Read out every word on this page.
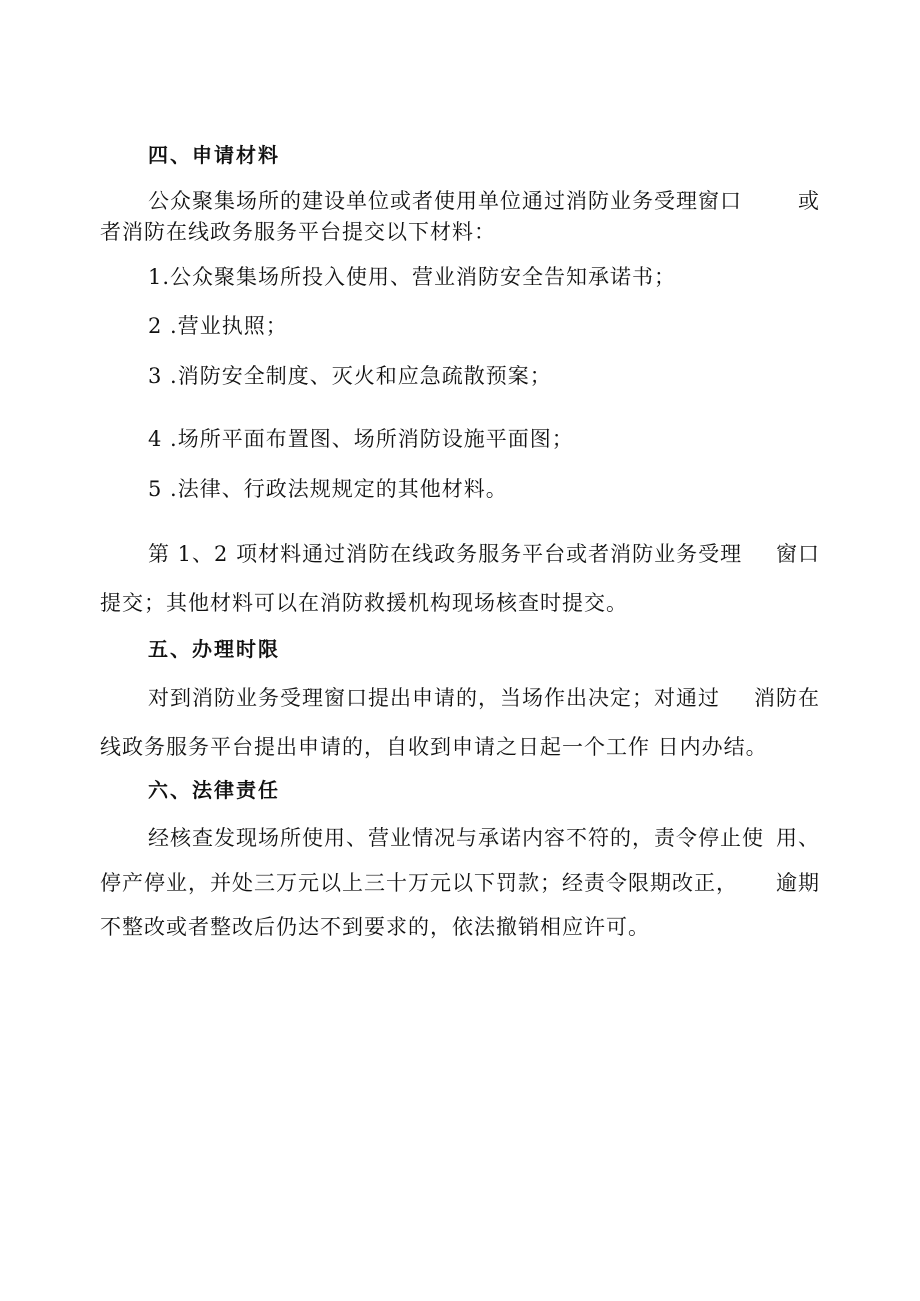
四、申请材料
公众聚集场所的建设单位或者使用单位通过消防业务受理窗口	或
者消防在线政务服务平台提交以下材料：
1.公众聚集场所投入使用、营业消防安全告知承诺书；
2 .营业执照；
3 .消防安全制度、灭火和应急疏散预案；
4 .场所平面布置图、场所消防设施平面图；
5 .法律、行政法规规定的其他材料。
第 1、2 项材料通过消防在线政务服务平台或者消防业务受理 窗口
提交；其他材料可以在消防救援机构现场核查时提交。
五、办理时限
对到消防业务受理窗口提出申请的，当场作出决定；对通过 消防在
线政务服务平台提出申请的，自收到申请之日起一个工作 日内办结。
六、法律责任
经核查发现场所使用、营业情况与承诺内容不符的，责令停止使 用、
停产停业，并处三万元以上三十万元以下罚款；经责令限期改正， 逾期
不整改或者整改后仍达不到要求的，依法撤销相应许可。
